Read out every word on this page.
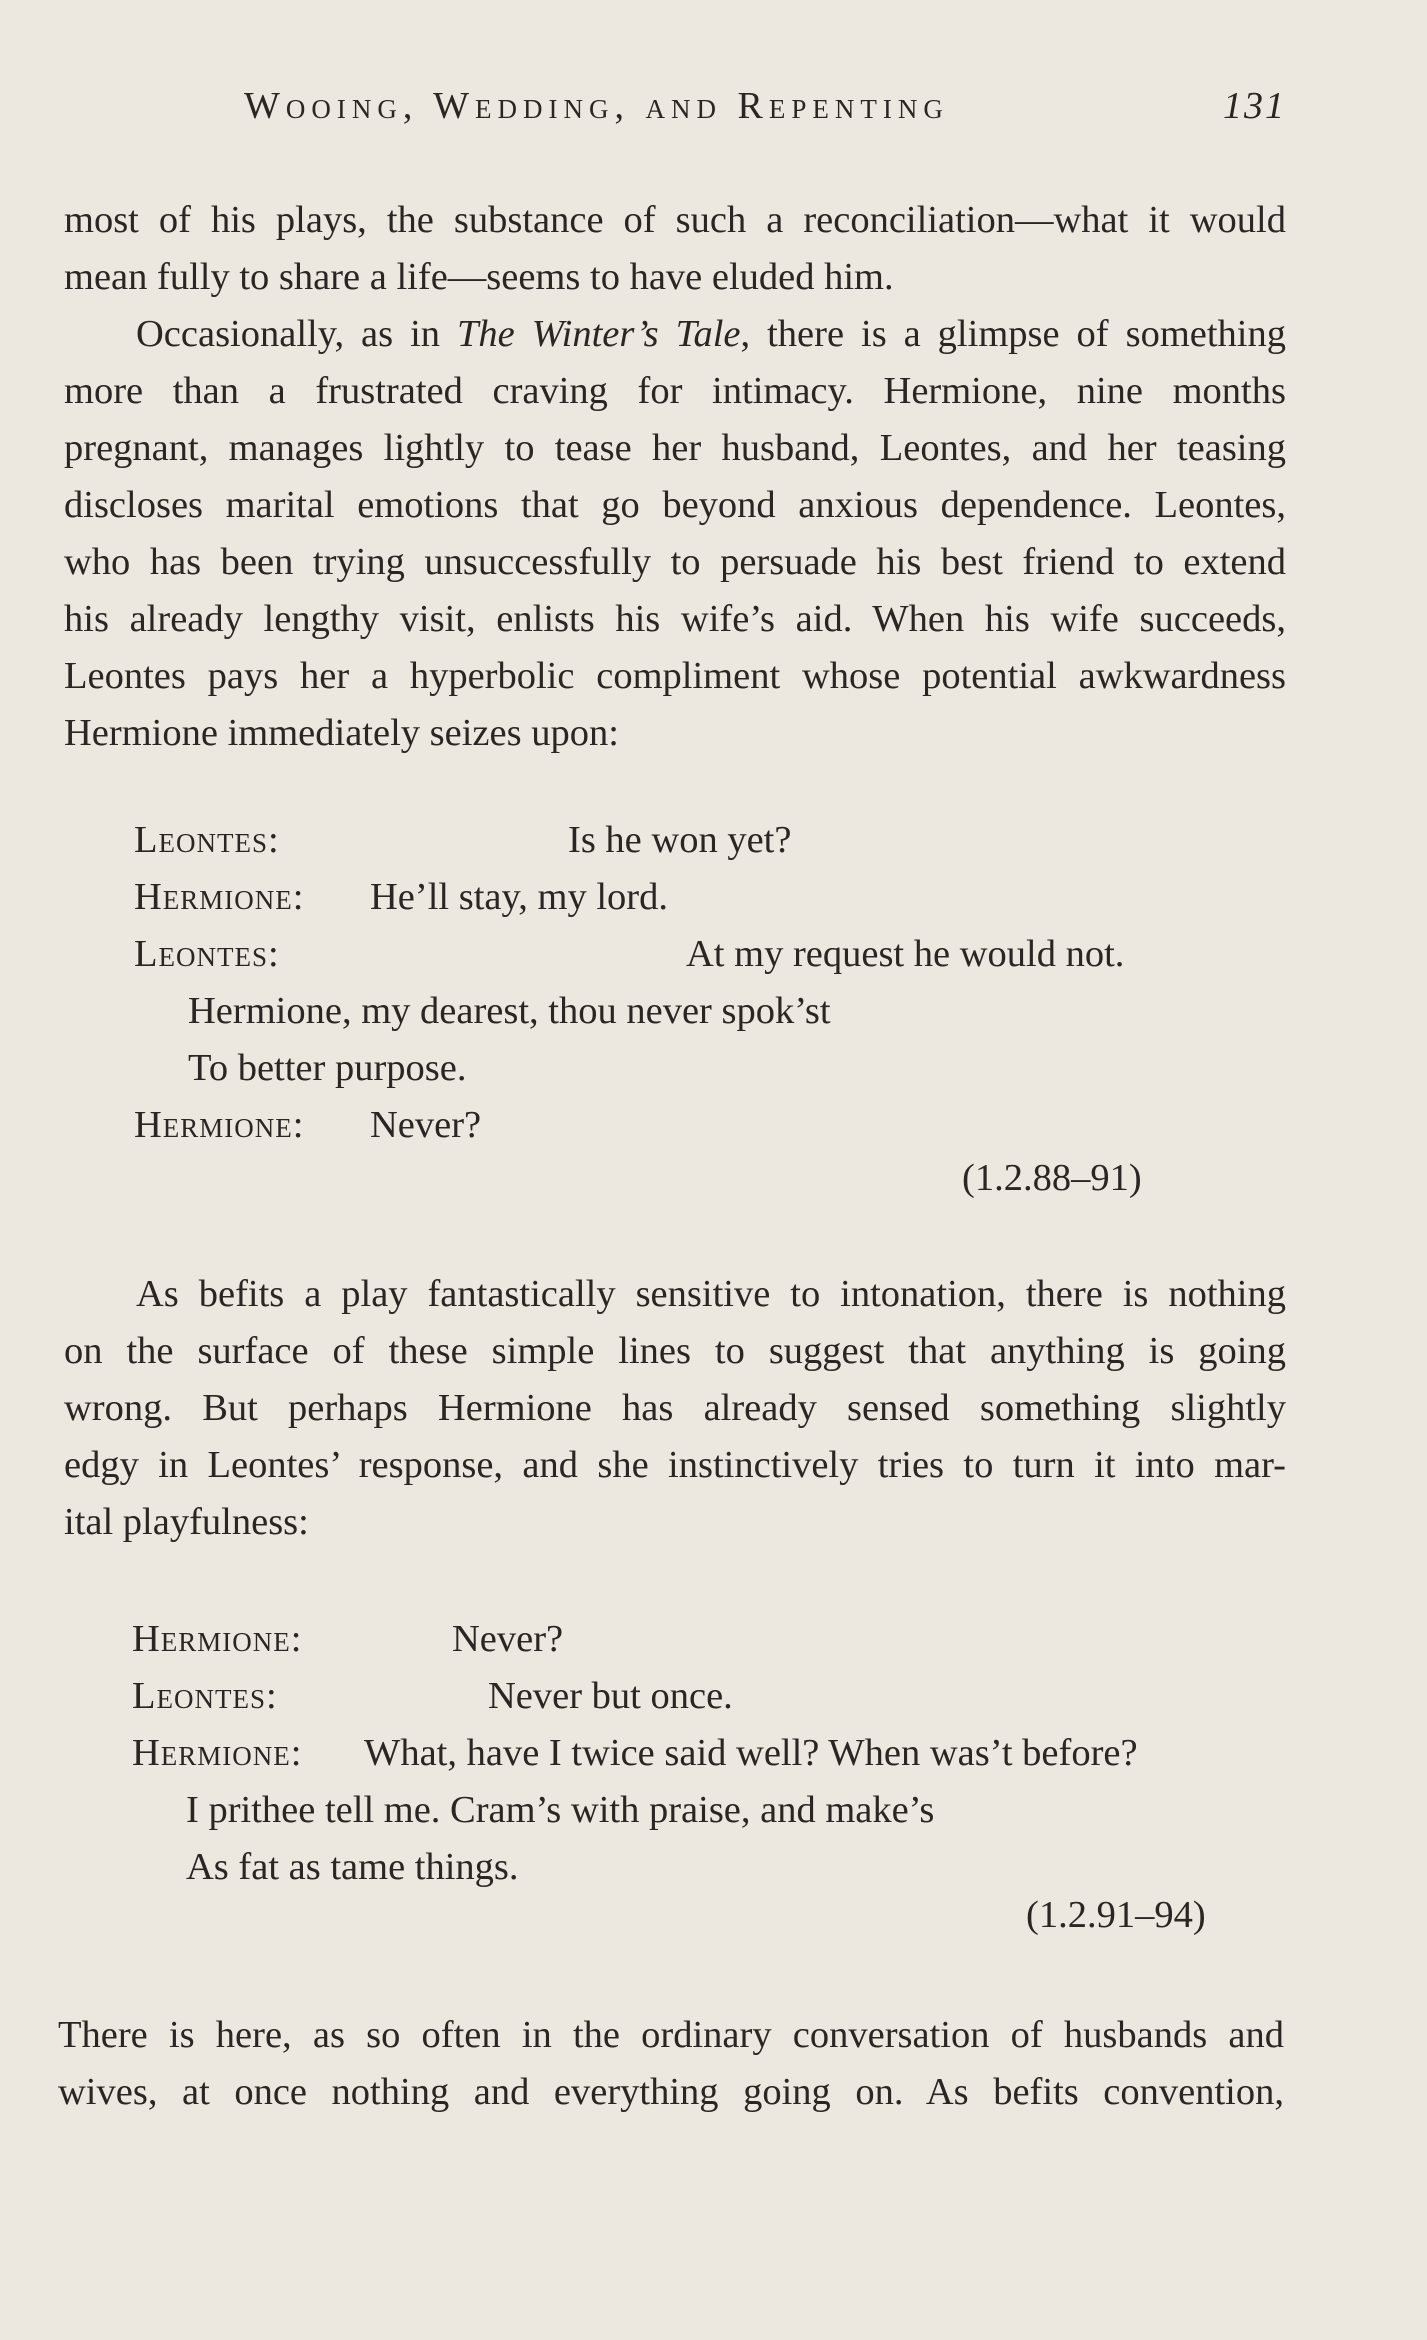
Wooing, Wedding, and Repenting	131
most of his plays, the substance of such a reconciliation—what it would
mean fully to share a life—seems to have eluded him.
Occasionally, as in The Winter’s Tale, there is a glimpse of something
more than a frustrated craving for intimacy. Hermione, nine months
pregnant, manages lightly to tease her husband, Leontes, and her teasing
discloses marital emotions that go beyond anxious dependence. Leontes,
who has been trying unsuccessfully to persuade his best friend to extend
his already lengthy visit, enlists his wife’s aid. When his wife succeeds,
Leontes pays her a hyperbolic compliment whose potential awkwardness
Hermione immediately seizes upon:
Leontes:	Is he won yet?
Hermione: He’ll stay, my lord.
Leontes:	At my request he would not.
Hermione, my dearest, thou never spok’st
To better purpose.
Hermione: Never?
(1.2.88–91)
As befits a play fantastically sensitive to intonation, there is nothing
on the surface of these simple lines to suggest that anything is going
wrong. But perhaps Hermione has already sensed something slightly
edgy in Leontes’ response, and she instinctively tries to turn it into mar-
ital playfulness:
Hermione:	Never?
Leontes:	Never but once.
Hermione: What, have I twice said well? When was’t before?
I prithee tell me. Cram’s with praise, and make’s
As fat as tame things.
(1.2.91–94)
There is here, as so often in the ordinary conversation of husbands and
wives, at once nothing and everything going on. As befits convention,
